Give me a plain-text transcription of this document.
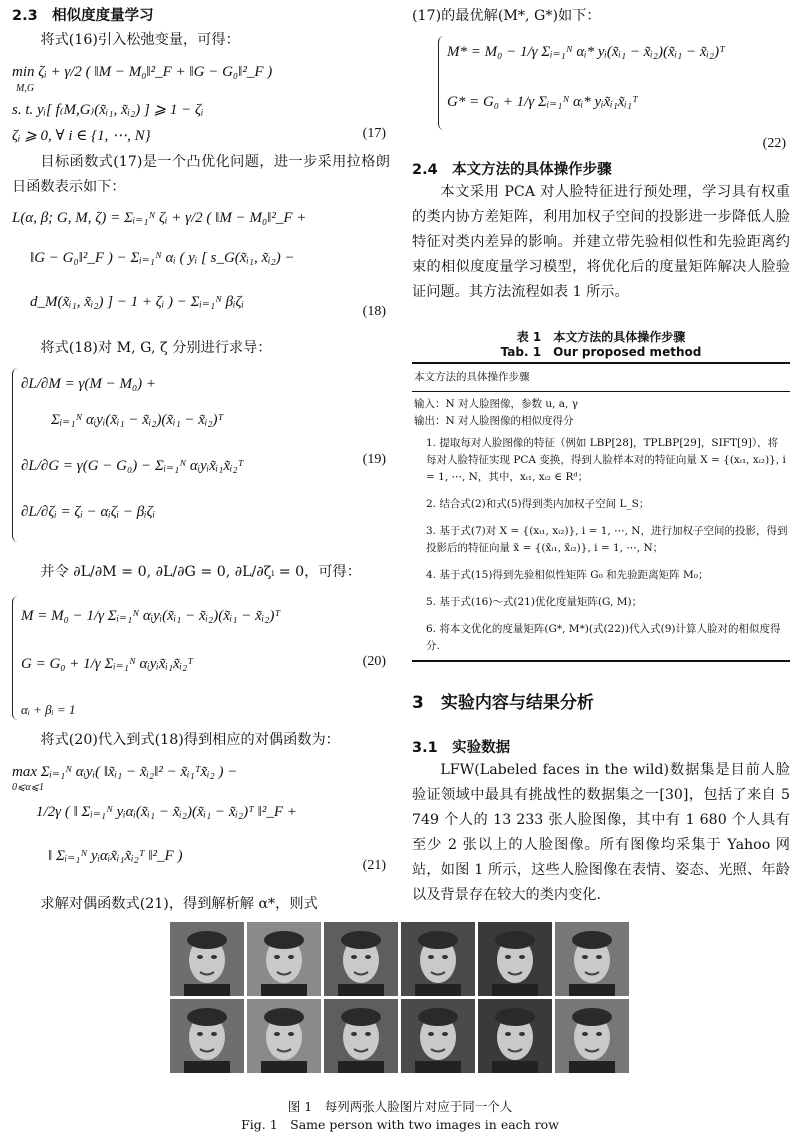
2.3　相似度度量学习
将式(16)引入松弛变量，可得：
min ζᵢ + γ/2 ( ‖M − M₀‖²_F + ‖G − G₀‖²_F )
M,G
s. t. yᵢ[ f₍M,G₎(x̃ᵢ₁, x̃ᵢ₂) ] ⩾ 1 − ζᵢ
ζᵢ ⩾ 0, ∀ i ∈ {1, ⋯, N}	(17)
目标函数式(17)是一个凸优化问题，进一步采用拉格朗日函数表示如下：
L(α, β; G, M, ζ) = Σᵢ₌₁ᴺ ζᵢ + γ/2 ( ‖M − M₀‖²_F +
‖G − G₀‖²_F ) − Σᵢ₌₁ᴺ αᵢ ( yᵢ [ s_G(x̃ᵢ₁, x̃ᵢ₂) −
d_M(x̃ᵢ₁, x̃ᵢ₂) ] − 1 + ζᵢ ) − Σᵢ₌₁ᴺ βᵢζᵢ
(18)
将式(18)对 M, G, ζ 分别进行求导：
∂L/∂M = γ(M − M₀) +
Σᵢ₌₁ᴺ αᵢyᵢ(x̃ᵢ₁ − x̃ᵢ₂)(x̃ᵢ₁ − x̃ᵢ₂)ᵀ
∂L/∂G = γ(G − G₀) − Σᵢ₌₁ᴺ αᵢyᵢx̃ᵢ₁x̃ᵢ₂ᵀ
∂L/∂ζᵢ = ζᵢ − αᵢζᵢ − βᵢζᵢ
(19)
并令 ∂L/∂M = 0, ∂L/∂G = 0, ∂L/∂ζᵢ = 0，可得：
M = M₀ − 1/γ Σᵢ₌₁ᴺ αᵢyᵢ(x̃ᵢ₁ − x̃ᵢ₂)(x̃ᵢ₁ − x̃ᵢ₂)ᵀ
G = G₀ + 1/γ Σᵢ₌₁ᴺ αᵢyᵢx̃ᵢ₁x̃ᵢ₂ᵀ
αᵢ + βᵢ = 1
(20)
将式(20)代入到式(18)得到相应的对偶函数为：
max Σᵢ₌₁ᴺ αᵢyᵢ( ‖x̃ᵢ₁ − x̃ᵢ₂‖² − x̃ᵢ₁ᵀx̃ᵢ₂ ) −
0⩽α⩽1
1/2γ ( ‖ Σᵢ₌₁ᴺ yᵢαᵢ(x̃ᵢ₁ − x̃ᵢ₂)(x̃ᵢ₁ − x̃ᵢ₂)ᵀ ‖²_F +
‖ Σᵢ₌₁ᴺ yᵢαᵢx̃ᵢ₁x̃ᵢ₂ᵀ ‖²_F )
(21)
求解对偶函数式(21)，得到解析解 α*，则式
(17)的最优解(M*, G*)如下：
M* = M₀ − 1/γ Σᵢ₌₁ᴺ αᵢ* yᵢ(x̃ᵢ₁ − x̃ᵢ₂)(x̃ᵢ₁ − x̃ᵢ₂)ᵀ
G* = G₀ + 1/γ Σᵢ₌₁ᴺ αᵢ* yᵢx̃ᵢ₁x̃ᵢ₁ᵀ
(22)
2.4　本文方法的具体操作步骤
本文采用 PCA 对人脸特征进行预处理，学习具有权重的类内协方差矩阵，利用加权子空间的投影进一步降低人脸特征对类内差异的影响。并建立带先验相似性和先验距离约束的相似度度量学习模型，将优化后的度量矩阵解决人脸验证问题。其方法流程如表 1 所示。
表 1　本文方法的具体操作步骤
Tab. 1　Our proposed method
本文方法的具体操作步骤
输入：N 对人脸图像，参数 u, a, γ
输出：N 对人脸图像的相似度得分
1. 提取每对人脸图像的特征（例如 LBP[28]，TPLBP[29]，SIFT[9]），将每对人脸特征实现 PCA 变换，得到人脸样本对的特征向量 X = {(xᵢ₁, xᵢ₂)}, i = 1, ⋯, N，其中，xᵢ₁, xᵢ₂ ∈ Rᵈ；
2. 结合式(2)和式(5)得到类内加权子空间 L_S；
3. 基于式(7)对 X = {(xᵢ₁, xᵢ₂)}, i = 1, ⋯, N，进行加权子空间的投影，得到投影后的特征向量 x̃ = {(x̃ᵢ₁, x̃ᵢ₂)}, i = 1, ⋯, N；
4. 基于式(15)得到先验相似性矩阵 G₀ 和先验距离矩阵 M₀；
5. 基于式(16)～式(21)优化度量矩阵(G, M)；
6. 将本文优化的度量矩阵(G*, M*)(式(22))代入式(9)计算人脸对的相似度得分.
3　实验内容与结果分析
3.1　实验数据
LFW(Labeled faces in the wild)数据集是目前人脸验证领域中最具有挑战性的数据集之一[30]，包括了来自 5 749 个人的 13 233 张人脸图像，其中有 1 680 个人具有至少 2 张以上的人脸图像。所有图像均采集于 Yahoo 网站，如图 1 所示，这些人脸图像在表情、姿态、光照、年龄以及背景存在较大的类内变化.
图 1　每列两张人脸图片对应于同一个人
Fig. 1　Same person with two images in each row
